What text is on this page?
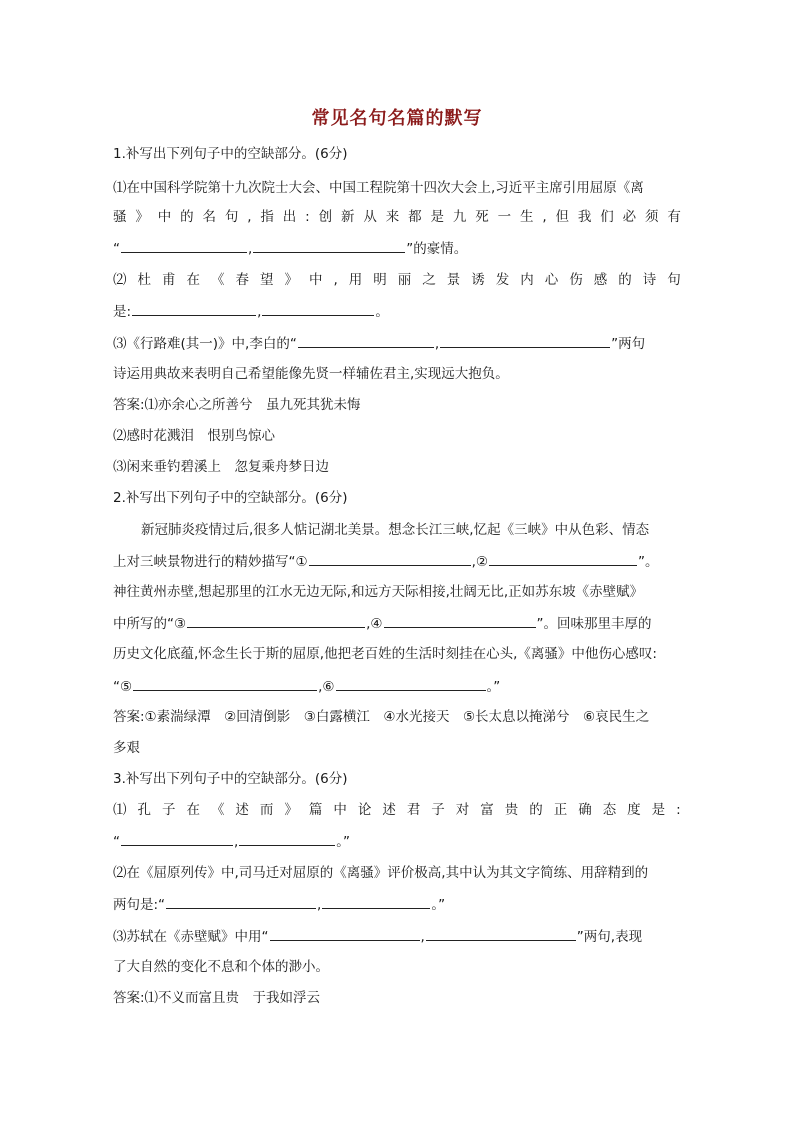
常见名句名篇的默写
1.补写出下列句子中的空缺部分。(6分)
⑴在中国科学院第十九次院士大会、中国工程院第十四次大会上,习近平主席引用屈原《离
骚 》 中 的 名 句 , 指 出 : 创 新 从 来 都 是 九 死 一 生 , 但 我 们 必 须 有
“	,	”的豪情。
⑵ 杜 甫 在 《 春 望 》 中 , 用 明 丽 之 景 诱 发 内 心 伤 感 的 诗 句
是:	,	。
⑶《行路难(其一)》中,李白的“	,	”两句
诗运用典故来表明自己希望能像先贤一样辅佐君主,实现远大抱负。
答案:⑴亦余心之所善兮　虽九死其犹未悔
⑵感时花溅泪　恨别鸟惊心
⑶闲来垂钓碧溪上　忽复乘舟梦日边
2.补写出下列句子中的空缺部分。(6分)
新冠肺炎疫情过后,很多人惦记湖北美景。想念长江三峡,忆起《三峡》中从色彩、情态
上对三峡景物进行的精妙描写“①	,②	”。
神往黄州赤壁,想起那里的江水无边无际,和远方天际相接,壮阔无比,正如苏东坡《赤壁赋》
中所写的“③	,④	”。回味那里丰厚的
历史文化底蕴,怀念生长于斯的屈原,他把老百姓的生活时刻挂在心头,《离骚》中他伤心感叹:
“⑤	,⑥	。”
答案:①素湍绿潭　②回清倒影　③白露横江　④水光接天　⑤长太息以掩涕兮　⑥哀民生之
多艰
3.补写出下列句子中的空缺部分。(6分)
⑴ 孔 子 在 《 述 而 》 篇 中 论 述 君 子 对 富 贵 的 正 确 态 度 是 :
“	,	。”
⑵在《屈原列传》中,司马迁对屈原的《离骚》评价极高,其中认为其文字简练、用辞精到的
两句是:“	,	。”
⑶苏轼在《赤壁赋》中用“	,	”两句,表现
了大自然的变化不息和个体的渺小。
答案:⑴不义而富且贵　于我如浮云
